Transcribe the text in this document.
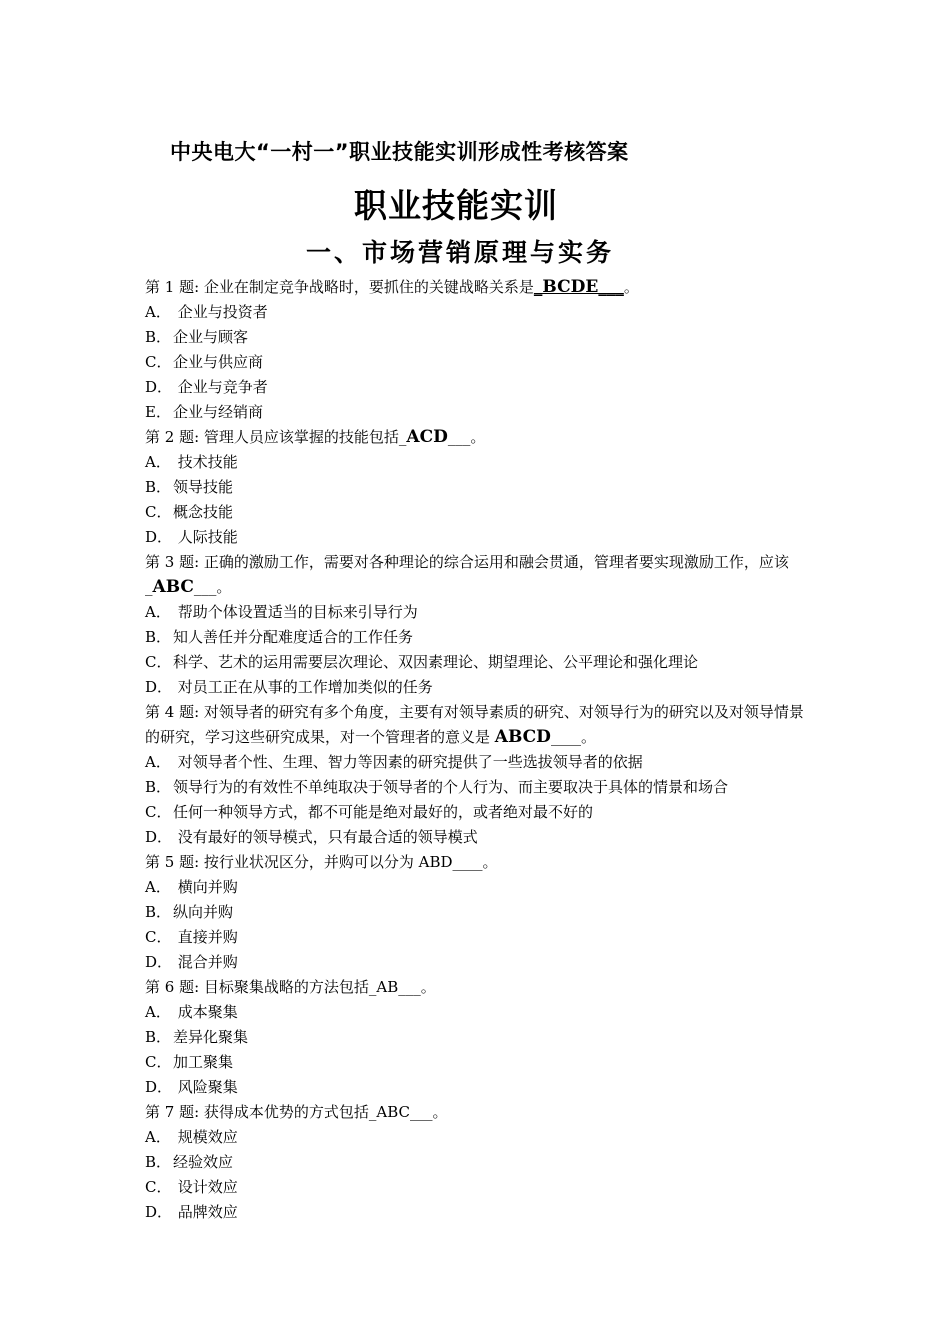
中央电大“一村一”职业技能实训形成性考核答案
职业技能实训
一、市场营销原理与实务
第 1 题: 企业在制定竞争战略时，要抓住的关键战略关系是_BCDE___。
A． 企业与投资者
B． 企业与顾客
C． 企业与供应商
D． 企业与竞争者
E． 企业与经销商
第 2 题: 管理人员应该掌握的技能包括_ACD___。
A． 技术技能
B． 领导技能
C． 概念技能
D． 人际技能
第 3 题: 正确的激励工作，需要对各种理论的综合运用和融会贯通，管理者要实现激励工作，应该_ABC___。
A． 帮助个体设置适当的目标来引导行为
B． 知人善任并分配难度适合的工作任务
C． 科学、艺术的运用需要层次理论、双因素理论、期望理论、公平理论和强化理论
D． 对员工正在从事的工作增加类似的任务
第 4 题: 对领导者的研究有多个角度，主要有对领导素质的研究、对领导行为的研究以及对领导情景的研究，学习这些研究成果，对一个管理者的意义是 ABCD____。
A． 对领导者个性、生理、智力等因素的研究提供了一些选拔领导者的依据
B． 领导行为的有效性不单纯取决于领导者的个人行为、而主要取决于具体的情景和场合
C． 任何一种领导方式，都不可能是绝对最好的，或者绝对最不好的
D． 没有最好的领导模式，只有最合适的领导模式
第 5 题: 按行业状况区分，并购可以分为 ABD____。
A． 横向并购
B． 纵向并购
C． 直接并购
D． 混合并购
第 6 题: 目标聚集战略的方法包括_AB___。
A． 成本聚集
B． 差异化聚集
C． 加工聚集
D． 风险聚集
第 7 题: 获得成本优势的方式包括_ABC___。
A． 规模效应
B． 经验效应
C． 设计效应
D． 品牌效应
